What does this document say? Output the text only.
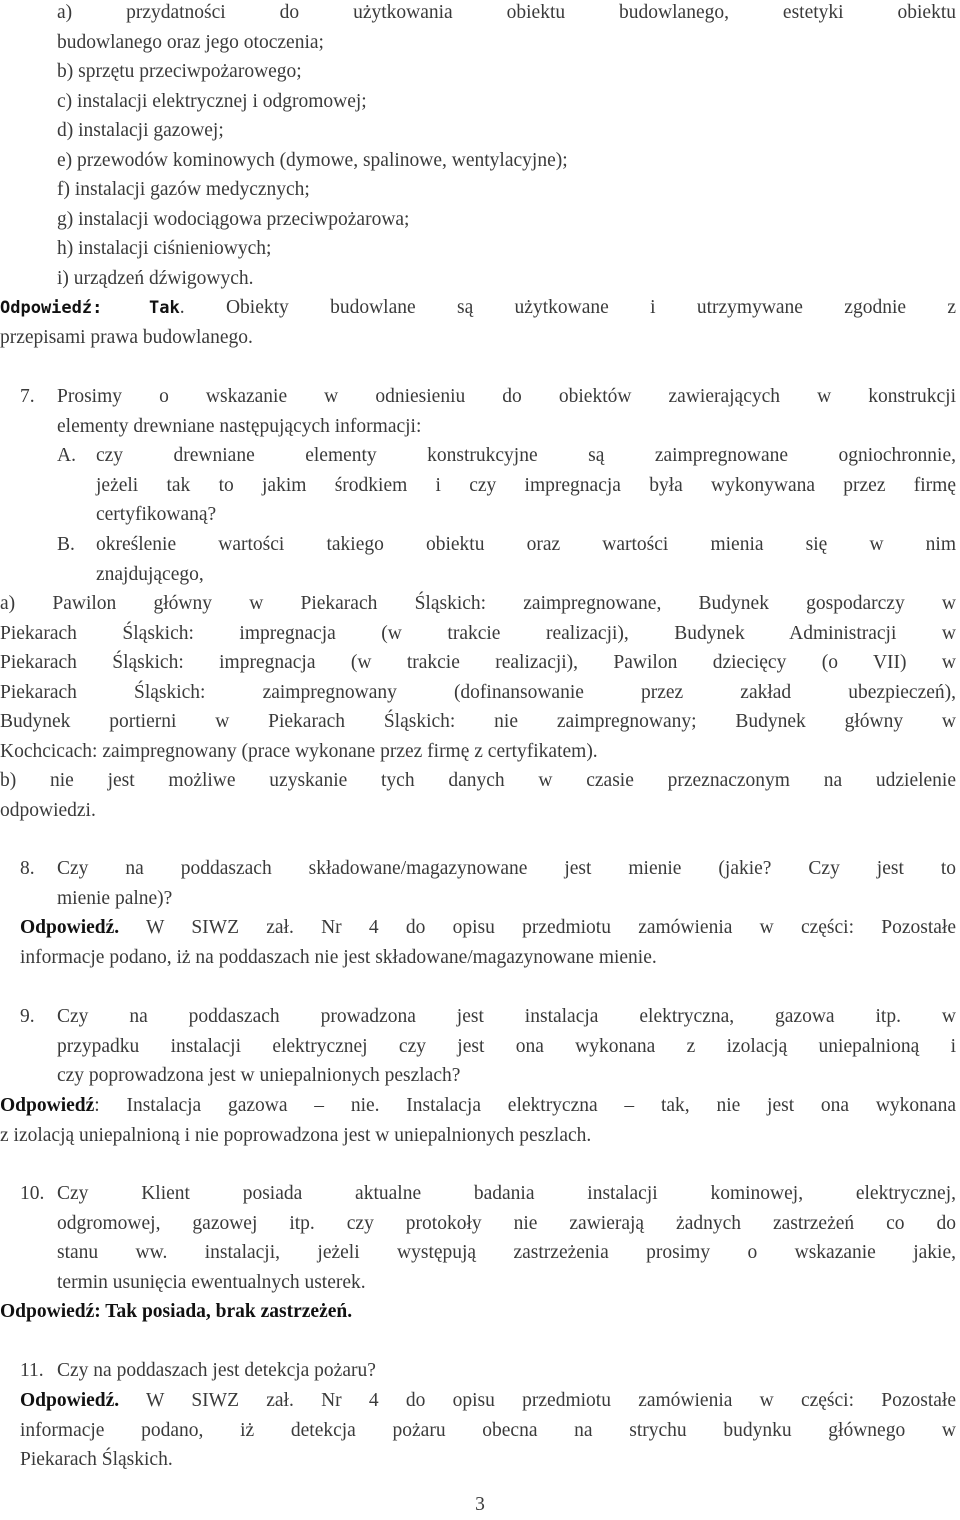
a) przydatności do użytkowania obiektu budowlanego, estetyki obiektu
budowlanego oraz jego otoczenia;
b) sprzętu przeciwpożarowego;
c) instalacji elektrycznej i odgromowej;
d) instalacji gazowej;
e) przewodów kominowych (dymowe, spalinowe, wentylacyjne);
f) instalacji gazów medycznych;
g) instalacji wodociągowa przeciwpożarowa;
h) instalacji ciśnieniowych;
i) urządzeń dźwigowych.
Odpowiedź: Tak. Obiekty budowlane są użytkowane i utrzymywane zgodnie z
przepisami prawa budowlanego.
7. Prosimy o wskazanie w odniesieniu do obiektów zawierających w konstrukcji
elementy drewniane następujących informacji:
A. czy drewniane elementy konstrukcyjne są zaimpregnowane ogniochronnie,
jeżeli tak to jakim środkiem i czy impregnacja była wykonywana przez firmę
certyfikowaną?
B. określenie wartości takiego obiektu oraz wartości mienia się w nim
znajdującego,
a) Pawilon główny w Piekarach Śląskich: zaimpregnowane, Budynek gospodarczy w
Piekarach Śląskich: impregnacja (w trakcie realizacji), Budynek Administracji w
Piekarach Śląskich: impregnacja (w trakcie realizacji), Pawilon dziecięcy (o VII) w
Piekarach Śląskich: zaimpregnowany (dofinansowanie przez zakład ubezpieczeń),
Budynek portierni w Piekarach Śląskich: nie zaimpregnowany; Budynek główny w
Kochcicach: zaimpregnowany (prace wykonane przez firmę z certyfikatem).
b) nie jest możliwe uzyskanie tych danych w czasie przeznaczonym na udzielenie
odpowiedzi.
8. Czy na poddaszach składowane/magazynowane jest mienie (jakie? Czy jest to
mienie palne)?
Odpowiedź. W SIWZ zał. Nr 4 do opisu przedmiotu zamówienia w części: Pozostałe
informacje podano, iż na poddaszach nie jest składowane/magazynowane mienie.
9. Czy na poddaszach prowadzona jest instalacja elektryczna, gazowa itp. w
przypadku instalacji elektrycznej czy jest ona wykonana z izolacją uniepalnioną i
czy poprowadzona jest w uniepalnionych peszlach?
Odpowiedź: Instalacja gazowa – nie. Instalacja elektryczna – tak, nie jest ona wykonana
z izolacją uniepalnioną i nie poprowadzona jest w uniepalnionych peszlach.
10. Czy Klient posiada aktualne badania instalacji kominowej, elektrycznej,
odgromowej, gazowej itp. czy protokoły nie zawierają żadnych zastrzeżeń co do
stanu ww. instalacji, jeżeli występują zastrzeżenia prosimy o wskazanie jakie,
termin usunięcia ewentualnych usterek.
Odpowiedź: Tak posiada, brak zastrzeżeń.
11. Czy na poddaszach jest detekcja pożaru?
Odpowiedź. W SIWZ zał. Nr 4 do opisu przedmiotu zamówienia w części: Pozostałe
informacje podano, iż detekcja pożaru obecna na strychu budynku głównego w
Piekarach Śląskich.
3
